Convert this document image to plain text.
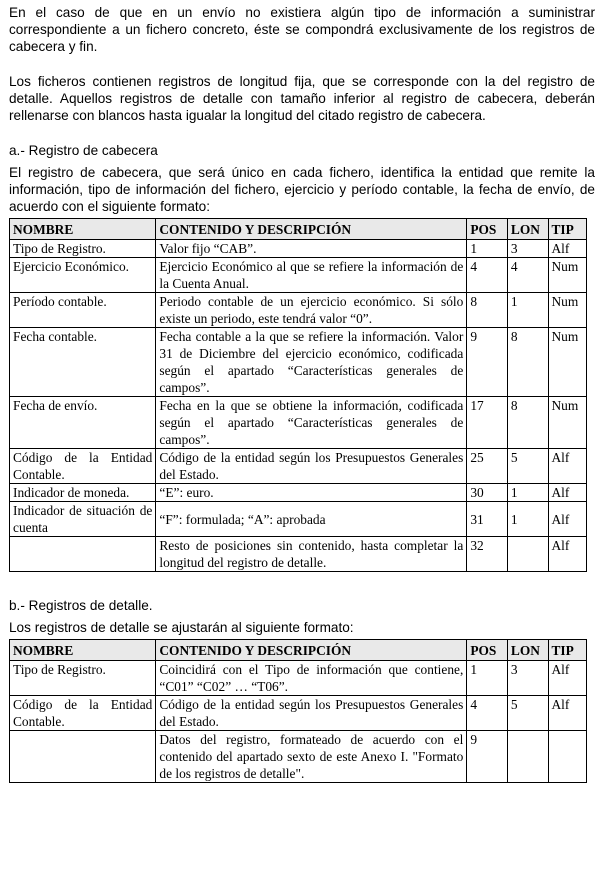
En el caso de que en un envío no existiera algún tipo de información a suministrar correspondiente a un fichero concreto, éste se compondrá exclusivamente de los registros de cabecera y fin.

Los ficheros contienen registros de longitud fija, que se corresponde con la del registro de detalle. Aquellos registros de detalle con tamaño inferior al registro de cabecera, deberán rellenarse con blancos hasta igualar la longitud del citado registro de cabecera.

a.- Registro de cabecera

El registro de cabecera, que será único en cada fichero, identifica la entidad que remite la información, tipo de información del fichero, ejercicio y período contable, la fecha de envío, de acuerdo con el siguiente formato:

NOMBRE	CONTENIDO Y DESCRIPCIÓN	POS	LON	TIP
Tipo de Registro.	Valor fijo “CAB”.	1	3	Alf
Ejercicio Económico.	Ejercicio Económico al que se refiere la información de la Cuenta Anual.	4	4	Num
Período contable.	Periodo contable de un ejercicio económico. Si sólo existe un periodo, este tendrá valor “0”.	8	1	Num
Fecha contable.	Fecha contable a la que se refiere la información. Valor 31 de Diciembre del ejercicio económico, codificada según el apartado “Características generales de campos”.	9	8	Num
Fecha de envío.	Fecha en la que se obtiene la información, codificada según el apartado “Características generales de campos”.	17	8	Num
Código de la Entidad Contable.	Código de la entidad según los Presupuestos Generales del Estado.	25	5	Alf
Indicador de moneda.	“E”: euro.	30	1	Alf
Indicador de situación de cuenta	“F”: formulada; “A”: aprobada	31	1	Alf
	Resto de posiciones sin contenido, hasta completar la longitud del registro de detalle.	32		Alf

b.- Registros de detalle.

Los registros de detalle se ajustarán al siguiente formato:

NOMBRE	CONTENIDO Y DESCRIPCIÓN	POS	LON	TIP
Tipo de Registro.	Coincidirá con el Tipo de información que contiene, “C01” “C02” … “T06”.	1	3	Alf
Código de la Entidad Contable.	Código de la entidad según los Presupuestos Generales del Estado.	4	5	Alf
	Datos del registro, formateado de acuerdo con el contenido del apartado sexto de este Anexo I. "Formato de los registros de detalle".	9		
